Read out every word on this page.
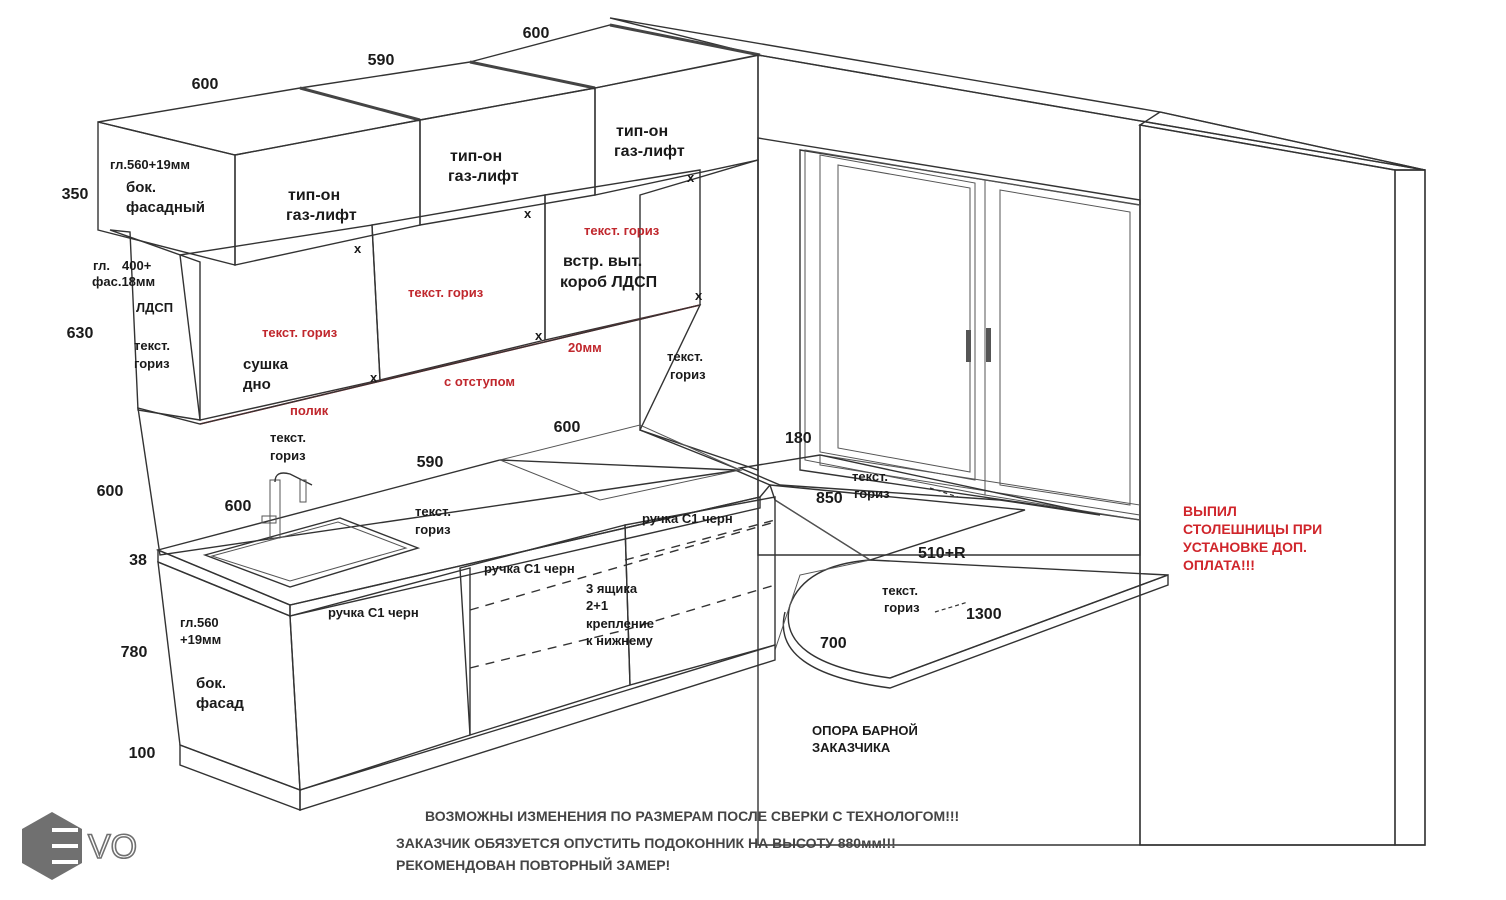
600
590
600
350
630
600
38
780
100
гл.560+19мм
бок.
фасадный
гл. 400+
фас.18мм
ЛДСП
текст.
гориз
тип-он
газ-лифт
тип-он
газ-лифт
тип-он
газ-лифт
x
x
x
x
x
x
текст. гориз
текст. гориз
текст. гориз
20мм
с отступом
полик
встр. выт.
короб ЛДСП
сушка
дно
текст.
гориз
текст.
гориз
600
590
600	текст.
гориз
ручка С1 черн
ручка С1 черн
ручка С1 черн
3 ящика
2+1
крепление
к нижнему
гл.560
+19мм
бок.
фасад
180
850
текст.
гориз
510+R
текст.
гориз	1300
700
ОПОРА БАРНОЙ
ЗАКАЗЧИКА
ВЫПИЛ
СТОЛЕШНИЦЫ ПРИ
УСТАНОВКЕ ДОП.
ОПЛАТА!!!
ВОЗМОЖНЫ ИЗМЕНЕНИЯ ПО РАЗМЕРАМ ПОСЛЕ СВЕРКИ С ТЕХНОЛОГОМ!!!
ЗАКАЗЧИК ОБЯЗУЕТСЯ ОПУСТИТЬ ПОДОКОННИК НА ВЫСОТУ 880мм!!!
РЕКОМЕНДОВАН ПОВТОРНЫЙ ЗАМЕР!
VO
